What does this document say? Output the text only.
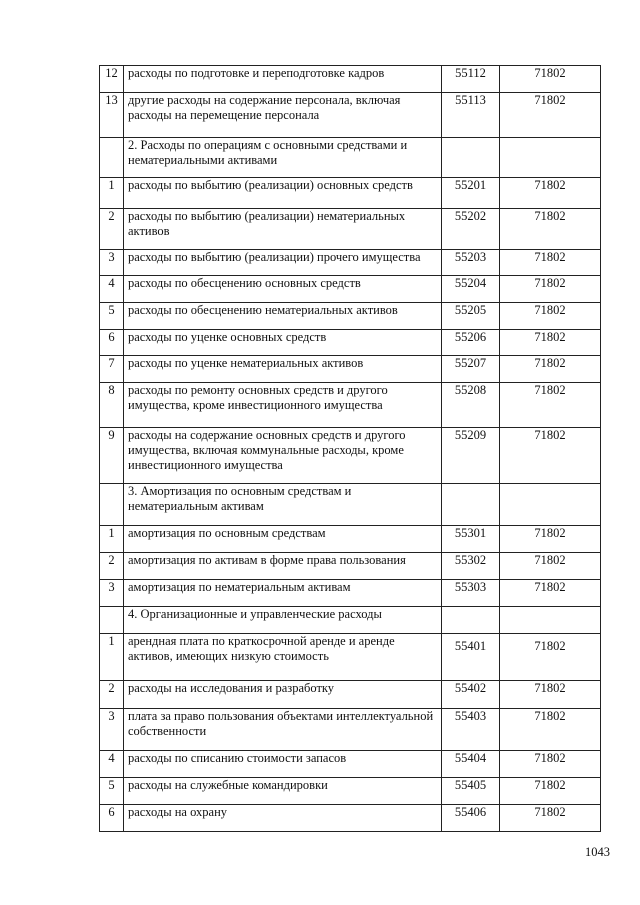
12	расходы по подготовке и переподготовке кадров	55112	71802
13	другие расходы на содержание персонала, включая расходы на перемещение персонала	55113	71802
	2. Расходы по операциям с основными средствами и нематериальными активами		
1	расходы по выбытию (реализации) основных средств	55201	71802
2	расходы по выбытию (реализации) нематериальных активов	55202	71802
3	расходы по выбытию (реализации) прочего имущества	55203	71802
4	расходы по обесценению основных средств	55204	71802
5	расходы по обесценению нематериальных активов	55205	71802
6	расходы по уценке основных средств	55206	71802
7	расходы по уценке нематериальных активов	55207	71802
8	расходы по ремонту основных средств и другого имущества, кроме инвестиционного имущества	55208	71802
9	расходы на содержание основных средств и другого имущества, включая коммунальные расходы, кроме инвестиционного имущества	55209	71802
	3. Амортизация по основным средствам и нематериальным активам		
1	амортизация по основным средствам	55301	71802
2	амортизация по активам в форме права пользования	55302	71802
3	амортизация по нематериальным активам	55303	71802
	4. Организационные и управленческие расходы		
1	арендная плата по краткосрочной аренде и аренде активов, имеющих низкую стоимость	55401	71802
2	расходы на исследования и разработку	55402	71802
3	плата за право пользования объектами интеллектуальной собственности	55403	71802
4	расходы по списанию стоимости запасов	55404	71802
5	расходы на служебные командировки	55405	71802
6	расходы на охрану	55406	71802
1043
